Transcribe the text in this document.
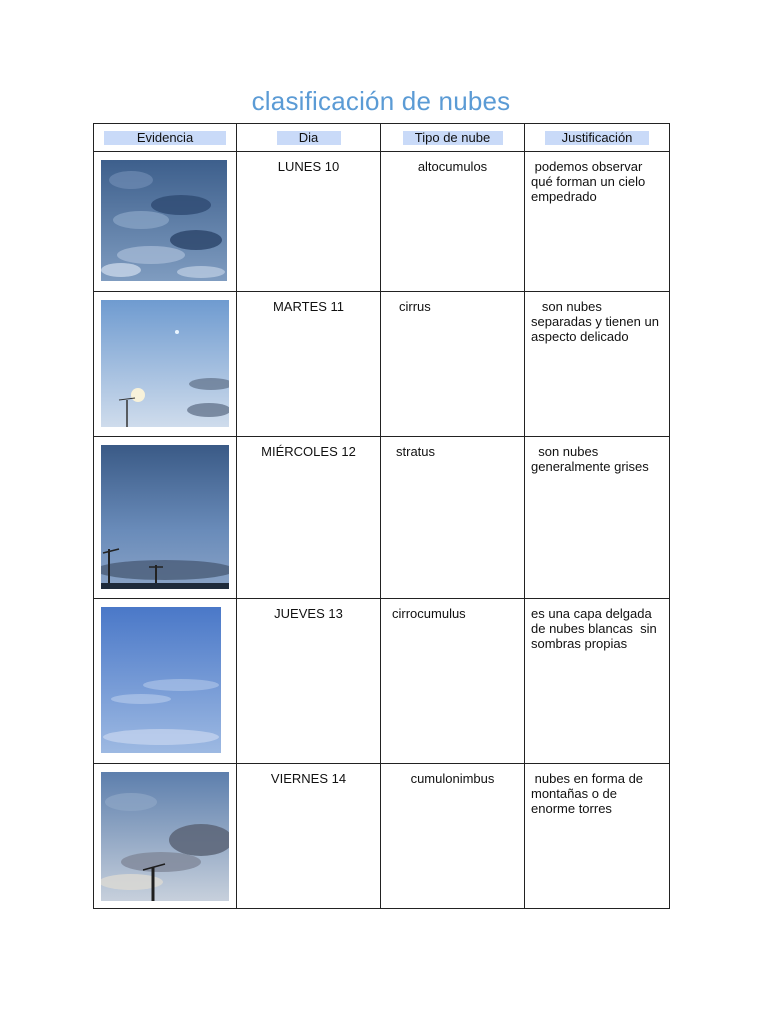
clasificación de nubes
Evidencia	Dia	Tipo de nube	Justificación

LUNES 10	altocumulos	podemos observar qué forman un cielo empedrado

MARTES 11	cirrus	son nubes separadas y tienen un aspecto delicado

MIÉRCOLES 12	stratus	son nubes generalmente grises

JUEVES 13	cirrocumulus	es una capa delgada de nubes blancas  sin sombras propias

VIERNES 14	cumulonimbus	nubes en forma de montañas o de enorme torres
